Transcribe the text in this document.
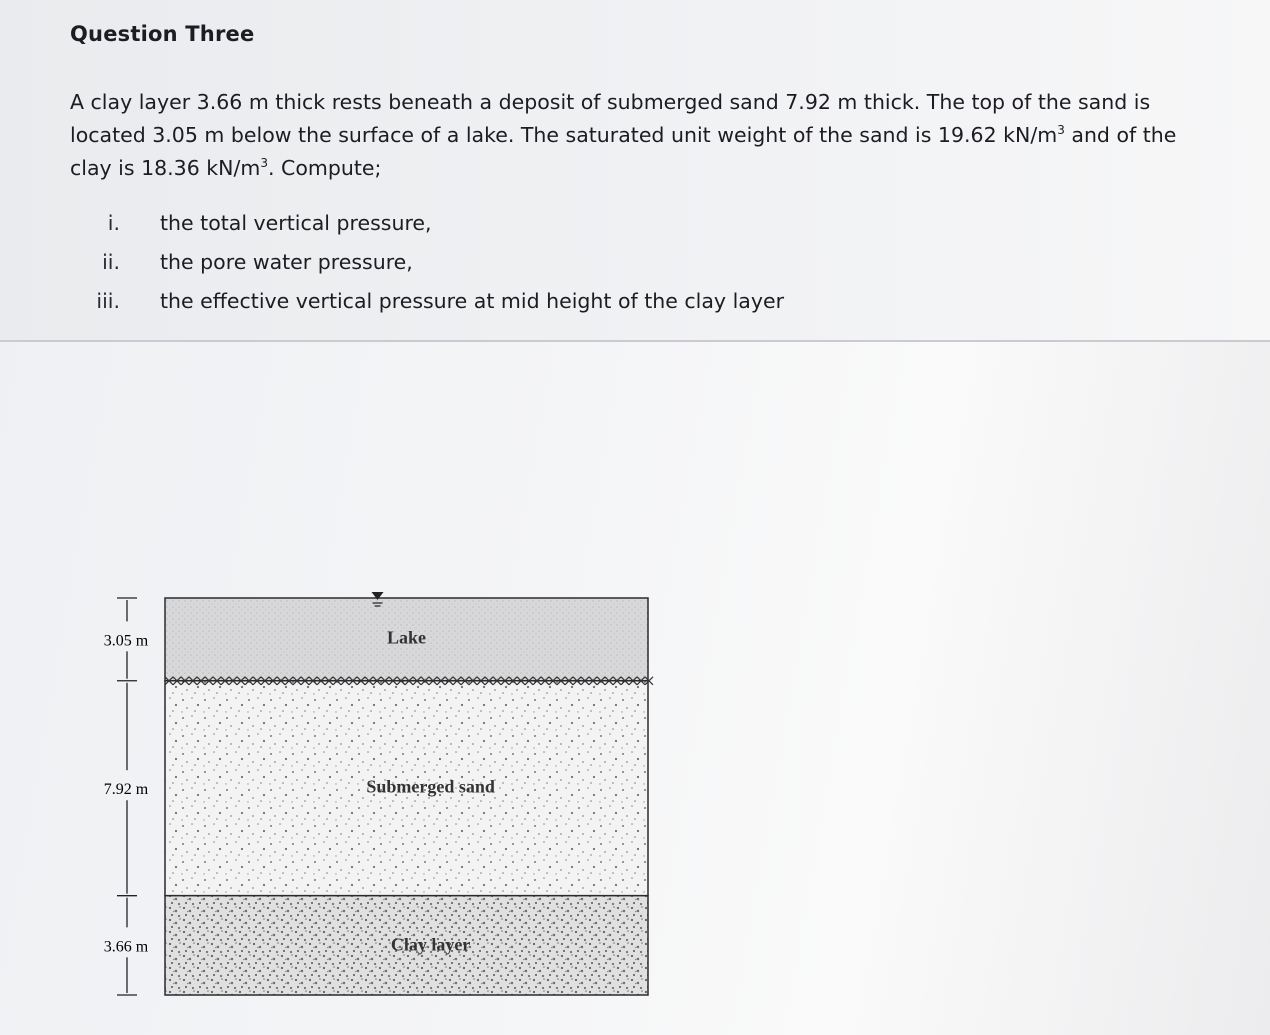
Question Three

A clay layer 3.66 m thick rests beneath a deposit of submerged sand 7.92 m thick. The top of the sand is located 3.05 m below the surface of a lake. The saturated unit weight of the sand is 19.62 $kN/m^3$ and of the clay is 18.36 $kN/m^3$. Compute;

i. the total vertical pressure,
ii. the pore water pressure,
iii. the effective vertical pressure at mid height of the clay layer
Lake
Submerged sand
Clay layer
3.05 m
7.92 m
3.66 m
